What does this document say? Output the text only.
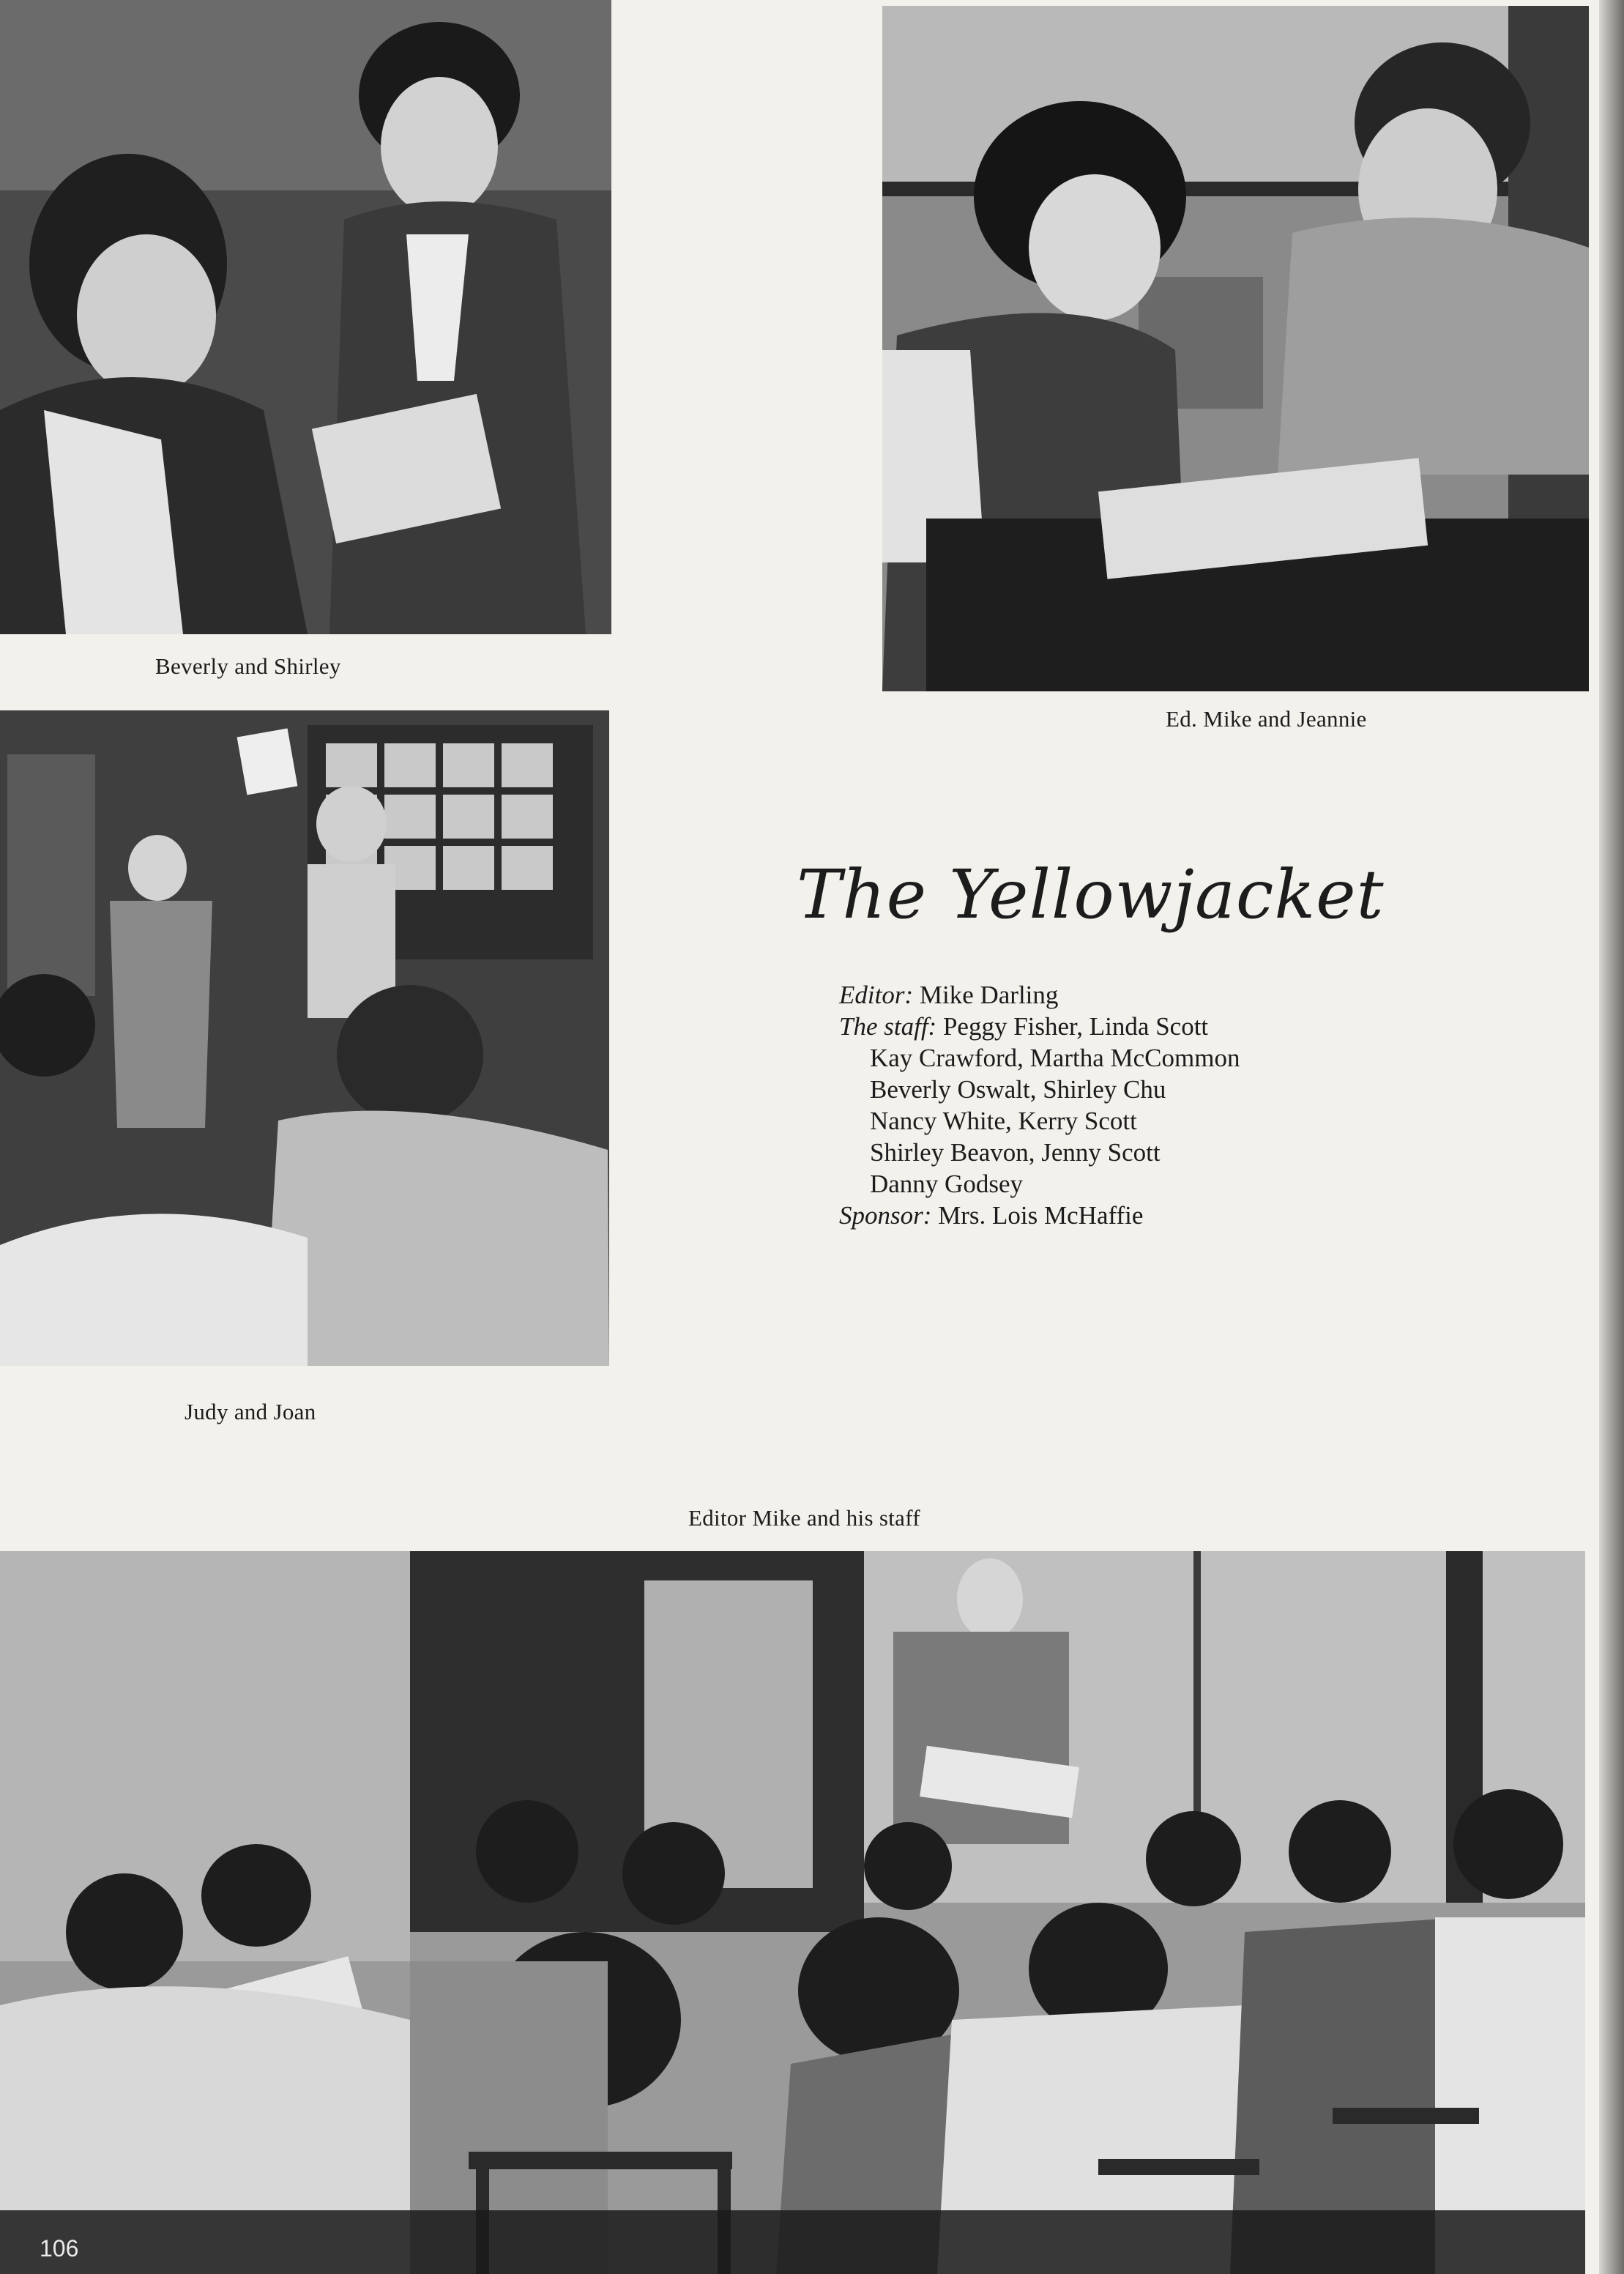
Beverly and Shirley
Ed. Mike and Jeannie
Judy and Joan
The Yellowjacket
Editor: Mike Darling
The staff: Peggy Fisher, Linda Scott
Kay Crawford, Martha McCommon
Beverly Oswalt, Shirley Chu
Nancy White, Kerry Scott
Shirley Beavon, Jenny Scott
Danny Godsey
Sponsor: Mrs. Lois McHaffie
Editor Mike and his staff
106
